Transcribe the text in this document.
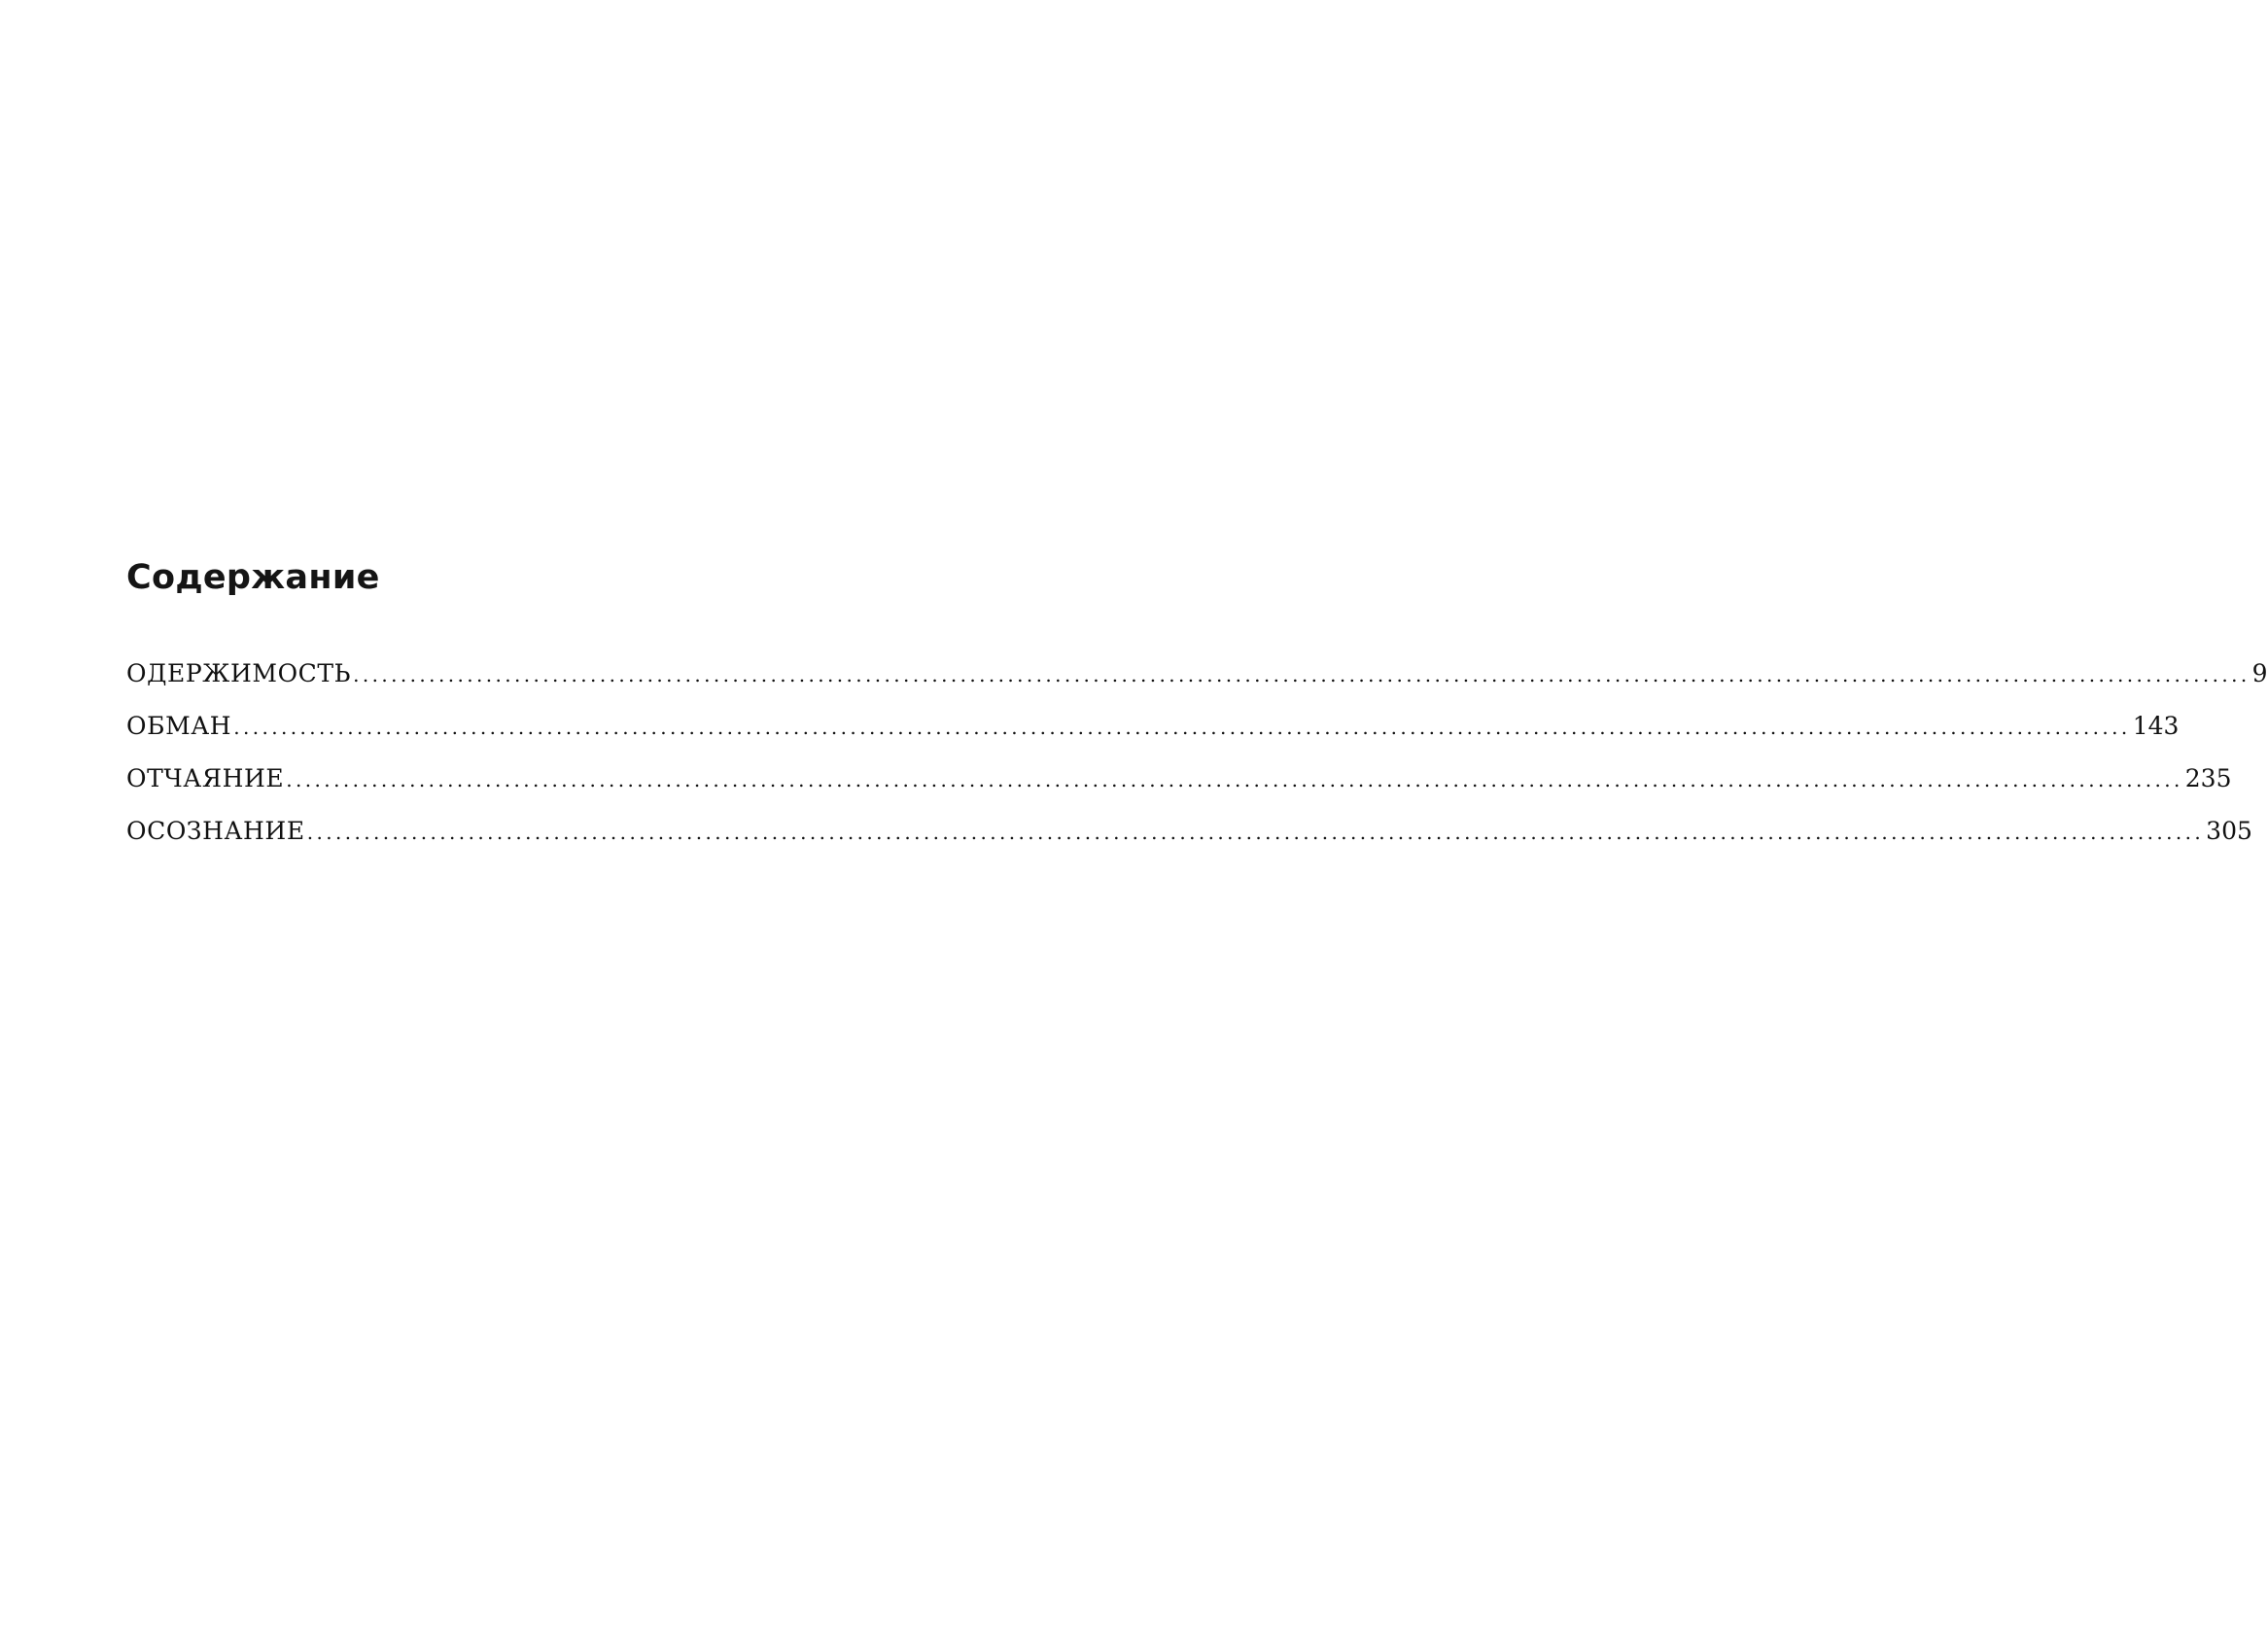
Содержание
ОДЕРЖИМОСТЬ ........................................................................................................................................................................................................ 9
ОБМАН ........................................................................................................................................................................................................ 143
ОТЧАЯНИЕ ........................................................................................................................................................................................................ 235
ОСОЗНАНИЕ ........................................................................................................................................................................................................ 305
